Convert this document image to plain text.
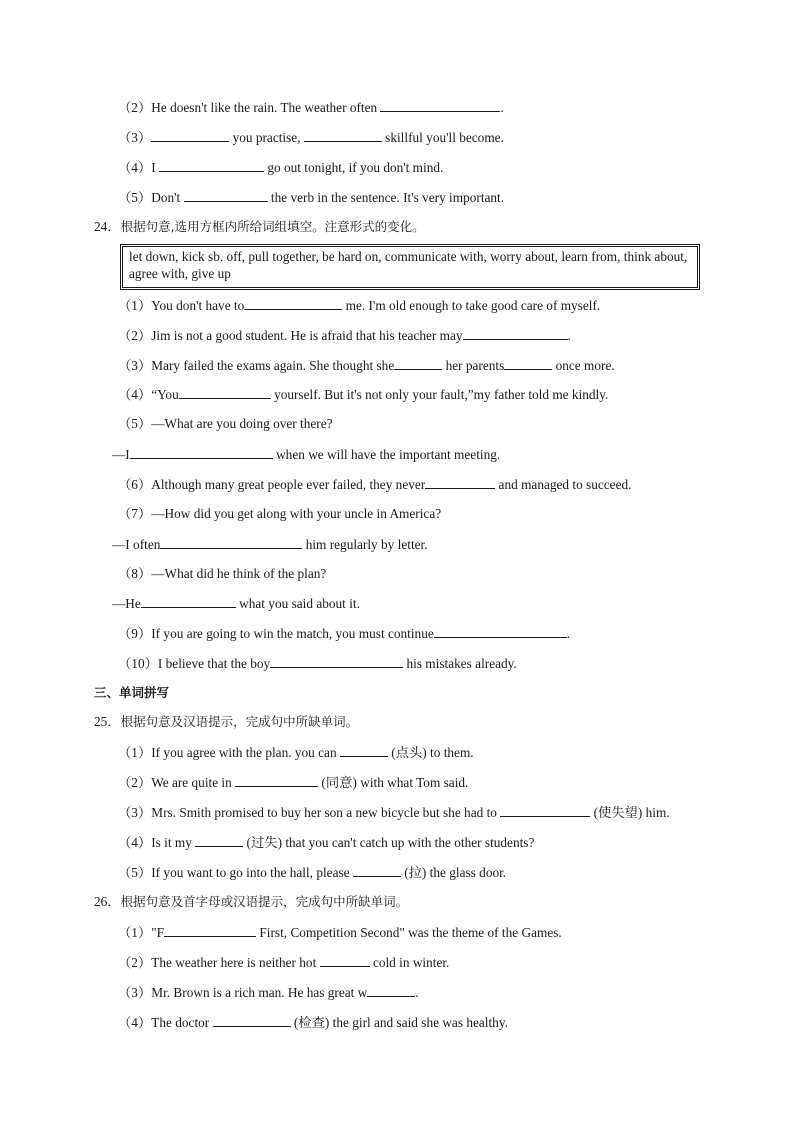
（2）He doesn't like the rain. The weather often	.
（3）	you practise,	skillful you'll become.
（4）I	go out tonight, if you don't mind.
（5）Don't	the verb in the sentence. It's very important.
24．根据句意,选用方框内所给词组填空。注意形式的变化。
let down, kick sb. off, pull together, be hard on, communicate with, worry about, learn from, think about, agree with, give up
（1）You don't have to	me. I'm old enough to take good care of myself.
（2）Jim is not a good student. He is afraid that his teacher may	.
（3）Mary failed the exams again. She thought she	her parents	once more.
（4）“You	yourself. But it's not only your fault,”my father told me kindly.
（5）—What are you doing over there?
—I	when we will have the important meeting.
（6）Although many great people ever failed, they never	and managed to succeed.
（7）—How did you get along with your uncle in America?
—I often	him regularly by letter.
（8）—What did he think of the plan?
—He	what you said about it.
（9）If you are going to win the match, you must continue	.
（10）I believe that the boy	his mistakes already.
三、单词拼写
25．根据句意及汉语提示，完成句中所缺单词。
（1）If you agree with the plan. you can	(点头) to them.
（2）We are quite in	(同意) with what Tom said.
（3）Mrs. Smith promised to buy her son a new bicycle but she had to	(使失望) him.
（4）Is it my	(过失) that you can't catch up with the other students?
（5）If you want to go into the hall, please	(拉) the glass door.
26．根据句意及首字母或汉语提示，完成句中所缺单词。
（1）"F	First, Competition Second" was the theme of the Games.
（2）The weather here is neither hot	cold in winter.
（3）Mr. Brown is a rich man. He has great w	.
（4）The doctor	(检查) the girl and said she was healthy.
